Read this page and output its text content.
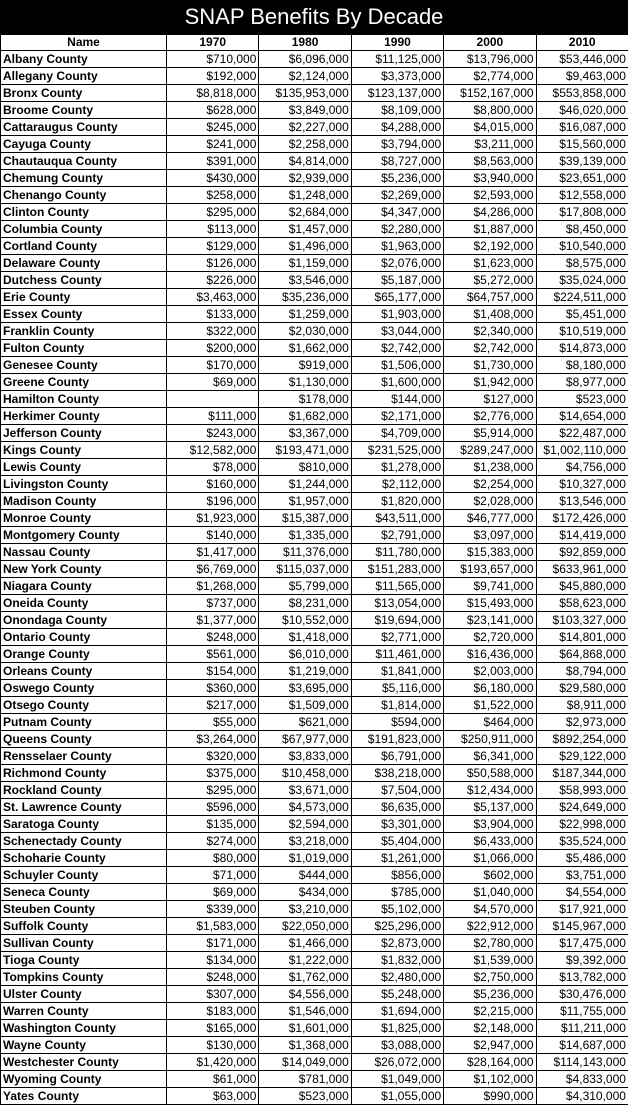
SNAP Benefits By Decade
Name	1970	1980	1990	2000	2010
Albany County	$710,000	$6,096,000	$11,125,000	$13,796,000	$53,446,000
Allegany County	$192,000	$2,124,000	$3,373,000	$2,774,000	$9,463,000
Bronx County	$8,818,000	$135,953,000	$123,137,000	$152,167,000	$553,858,000
Broome County	$628,000	$3,849,000	$8,109,000	$8,800,000	$46,020,000
Cattaraugus County	$245,000	$2,227,000	$4,288,000	$4,015,000	$16,087,000
Cayuga County	$241,000	$2,258,000	$3,794,000	$3,211,000	$15,560,000
Chautauqua County	$391,000	$4,814,000	$8,727,000	$8,563,000	$39,139,000
Chemung County	$430,000	$2,939,000	$5,236,000	$3,940,000	$23,651,000
Chenango County	$258,000	$1,248,000	$2,269,000	$2,593,000	$12,558,000
Clinton County	$295,000	$2,684,000	$4,347,000	$4,286,000	$17,808,000
Columbia County	$113,000	$1,457,000	$2,280,000	$1,887,000	$8,450,000
Cortland County	$129,000	$1,496,000	$1,963,000	$2,192,000	$10,540,000
Delaware County	$126,000	$1,159,000	$2,076,000	$1,623,000	$8,575,000
Dutchess County	$226,000	$3,546,000	$5,187,000	$5,272,000	$35,024,000
Erie County	$3,463,000	$35,236,000	$65,177,000	$64,757,000	$224,511,000
Essex County	$133,000	$1,259,000	$1,903,000	$1,408,000	$5,451,000
Franklin County	$322,000	$2,030,000	$3,044,000	$2,340,000	$10,519,000
Fulton County	$200,000	$1,662,000	$2,742,000	$2,742,000	$14,873,000
Genesee County	$170,000	$919,000	$1,506,000	$1,730,000	$8,180,000
Greene County	$69,000	$1,130,000	$1,600,000	$1,942,000	$8,977,000
Hamilton County		$178,000	$144,000	$127,000	$523,000
Herkimer County	$111,000	$1,682,000	$2,171,000	$2,776,000	$14,654,000
Jefferson County	$243,000	$3,367,000	$4,709,000	$5,914,000	$22,487,000
Kings County	$12,582,000	$193,471,000	$231,525,000	$289,247,000	$1,002,110,000
Lewis County	$78,000	$810,000	$1,278,000	$1,238,000	$4,756,000
Livingston County	$160,000	$1,244,000	$2,112,000	$2,254,000	$10,327,000
Madison County	$196,000	$1,957,000	$1,820,000	$2,028,000	$13,546,000
Monroe County	$1,923,000	$15,387,000	$43,511,000	$46,777,000	$172,426,000
Montgomery County	$140,000	$1,335,000	$2,791,000	$3,097,000	$14,419,000
Nassau County	$1,417,000	$11,376,000	$11,780,000	$15,383,000	$92,859,000
New York County	$6,769,000	$115,037,000	$151,283,000	$193,657,000	$633,961,000
Niagara County	$1,268,000	$5,799,000	$11,565,000	$9,741,000	$45,880,000
Oneida County	$737,000	$8,231,000	$13,054,000	$15,493,000	$58,623,000
Onondaga County	$1,377,000	$10,552,000	$19,694,000	$23,141,000	$103,327,000
Ontario County	$248,000	$1,418,000	$2,771,000	$2,720,000	$14,801,000
Orange County	$561,000	$6,010,000	$11,461,000	$16,436,000	$64,868,000
Orleans County	$154,000	$1,219,000	$1,841,000	$2,003,000	$8,794,000
Oswego County	$360,000	$3,695,000	$5,116,000	$6,180,000	$29,580,000
Otsego County	$217,000	$1,509,000	$1,814,000	$1,522,000	$8,911,000
Putnam County	$55,000	$621,000	$594,000	$464,000	$2,973,000
Queens County	$3,264,000	$67,977,000	$191,823,000	$250,911,000	$892,254,000
Rensselaer County	$320,000	$3,833,000	$6,791,000	$6,341,000	$29,122,000
Richmond County	$375,000	$10,458,000	$38,218,000	$50,588,000	$187,344,000
Rockland County	$295,000	$3,671,000	$7,504,000	$12,434,000	$58,993,000
St. Lawrence County	$596,000	$4,573,000	$6,635,000	$5,137,000	$24,649,000
Saratoga County	$135,000	$2,594,000	$3,301,000	$3,904,000	$22,998,000
Schenectady County	$274,000	$3,218,000	$5,404,000	$6,433,000	$35,524,000
Schoharie County	$80,000	$1,019,000	$1,261,000	$1,066,000	$5,486,000
Schuyler County	$71,000	$444,000	$856,000	$602,000	$3,751,000
Seneca County	$69,000	$434,000	$785,000	$1,040,000	$4,554,000
Steuben County	$339,000	$3,210,000	$5,102,000	$4,570,000	$17,921,000
Suffolk County	$1,583,000	$22,050,000	$25,296,000	$22,912,000	$145,967,000
Sullivan County	$171,000	$1,466,000	$2,873,000	$2,780,000	$17,475,000
Tioga County	$134,000	$1,222,000	$1,832,000	$1,539,000	$9,392,000
Tompkins County	$248,000	$1,762,000	$2,480,000	$2,750,000	$13,782,000
Ulster County	$307,000	$4,556,000	$5,248,000	$5,236,000	$30,476,000
Warren County	$183,000	$1,546,000	$1,694,000	$2,215,000	$11,755,000
Washington County	$165,000	$1,601,000	$1,825,000	$2,148,000	$11,211,000
Wayne County	$130,000	$1,368,000	$3,088,000	$2,947,000	$14,687,000
Westchester County	$1,420,000	$14,049,000	$26,072,000	$28,164,000	$114,143,000
Wyoming County	$61,000	$781,000	$1,049,000	$1,102,000	$4,833,000
Yates County	$63,000	$523,000	$1,055,000	$990,000	$4,310,000
